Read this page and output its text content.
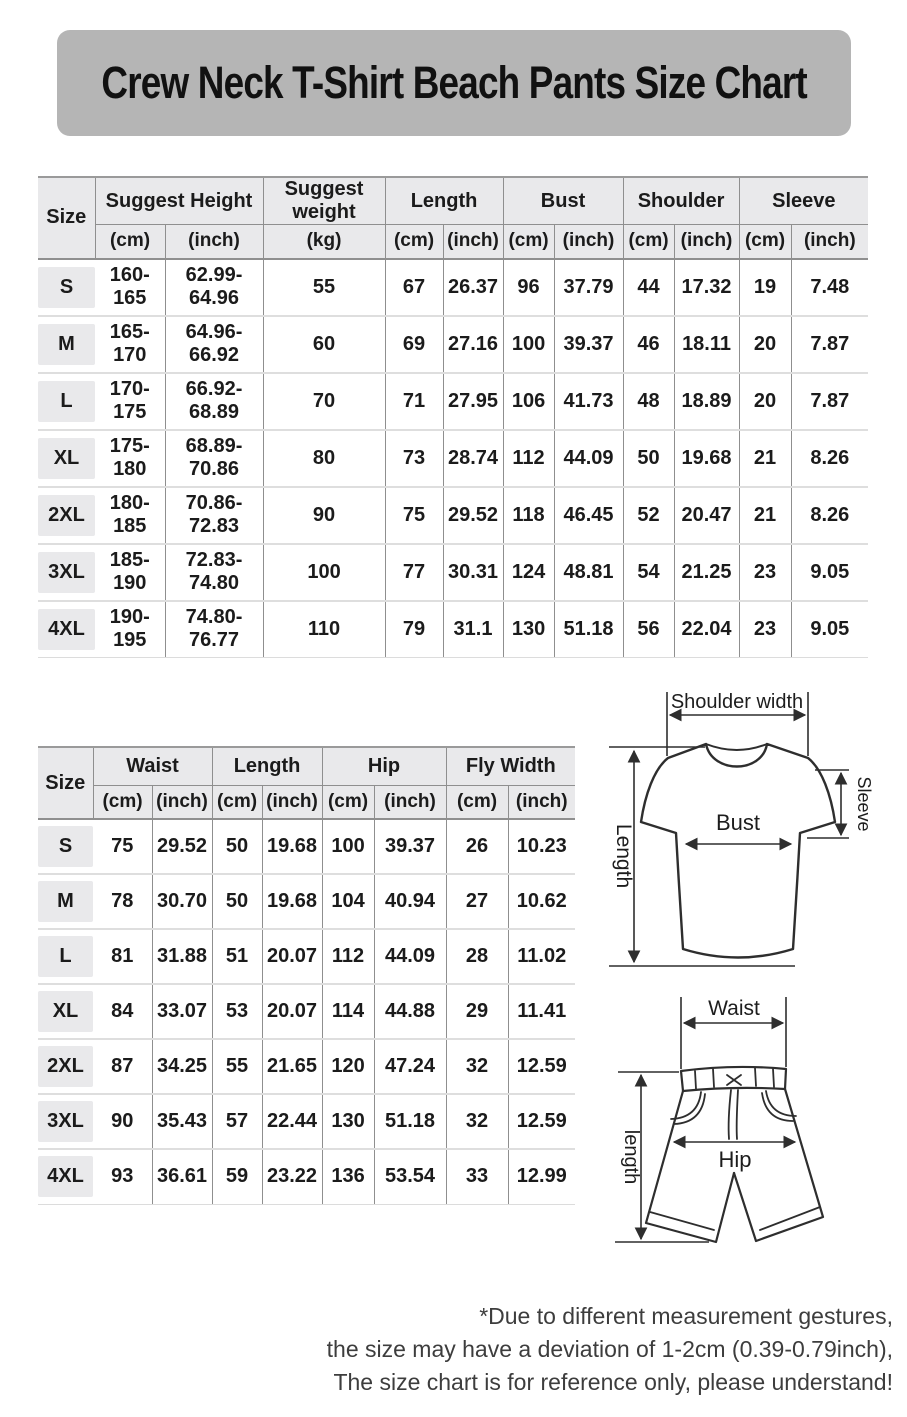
Crew Neck T-Shirt Beach Pants Size Chart
Size	Suggest Height		Suggest weight	Length		Bust		Shoulder		Sleeve	
	(cm)	(inch)	(kg)	(cm)	(inch)	(cm)	(inch)	(cm)	(inch)	(cm)	(inch)

S	160-165	62.99-64.96	55	67	26.37	96	37.79	44	17.32	19	7.48

M	165-170	64.96-66.92	60	69	27.16	100	39.37	46	18.11	20	7.87

L	170-175	66.92-68.89	70	71	27.95	106	41.73	48	18.89	20	7.87

XL	175-180	68.89-70.86	80	73	28.74	112	44.09	50	19.68	21	8.26

2XL	180-185	70.86-72.83	90	75	29.52	118	46.45	52	20.47	21	8.26

3XL	185-190	72.83-74.80	100	77	30.31	124	48.81	54	21.25	23	9.05

4XL	190-195	74.80-76.77	110	79	31.1	130	51.18	56	22.04	23	9.05
Size	Waist		Length		Hip		Fly Width	
	(cm)	(inch)	(cm)	(inch)	(cm)	(inch)	(cm)	(inch)

S	75	29.52	50	19.68	100	39.37	26	10.23

M	78	30.70	50	19.68	104	40.94	27	10.62

L	81	31.88	51	20.07	112	44.09	28	11.02

XL	84	33.07	53	20.07	114	44.88	29	11.41

2XL	87	34.25	55	21.65	120	47.24	32	12.59

3XL	90	35.43	57	22.44	130	51.18	32	12.59

4XL	93	36.61	59	23.22	136	53.54	33	12.99
Shoulder width
Length
Sleeve
Bust
Waist
length	Hip
*Due to different measurement gestures,
the size may have a deviation of 1-2cm (0.39-0.79inch),
The size chart is for reference only, please understand!
